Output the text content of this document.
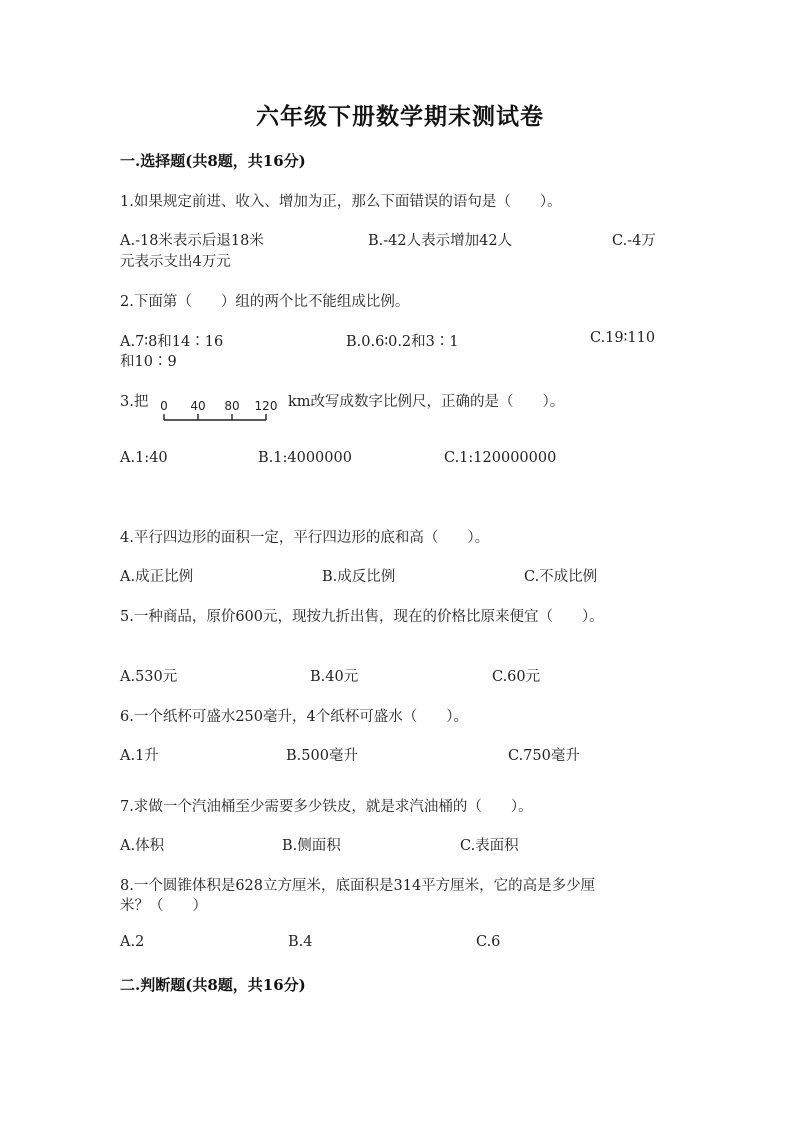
六年级下册数学期末测试卷
一.选择题(共8题，共16分)
1.如果规定前进、收入、增加为正，那么下面错误的语句是（　　）。
A.-18米表示后退18米	B.-42人表示增加42人	C.-4万
元表示支出4万元
2.下面第（　　）组的两个比不能组成比例。
A.7∶8和14∶16	B.0.6∶0.2和3∶1	C.19∶110
和10∶9
3.把 0 40 80 120 km改写成数字比例尺，正确的是（　　）。
A.1:40	B.1:4000000	C.1:120000000
4.平行四边形的面积一定，平行四边形的底和高（　　）。
A.成正比例	B.成反比例	C.不成比例
5.一种商品，原价600元，现按九折出售，现在的价格比原来便宜（　　）。
A.530元	B.40元	C.60元
6.一个纸杯可盛水250毫升，4个纸杯可盛水（　　）。
A.1升	B.500毫升	C.750毫升
7.求做一个汽油桶至少需要多少铁皮，就是求汽油桶的（　　）。
A.体积	B.侧面积	C.表面积
8.一个圆锥体积是628立方厘米，底面积是314平方厘米，它的高是多少厘
米？（　　）
A.2	B.4	C.6
二.判断题(共8题，共16分)
